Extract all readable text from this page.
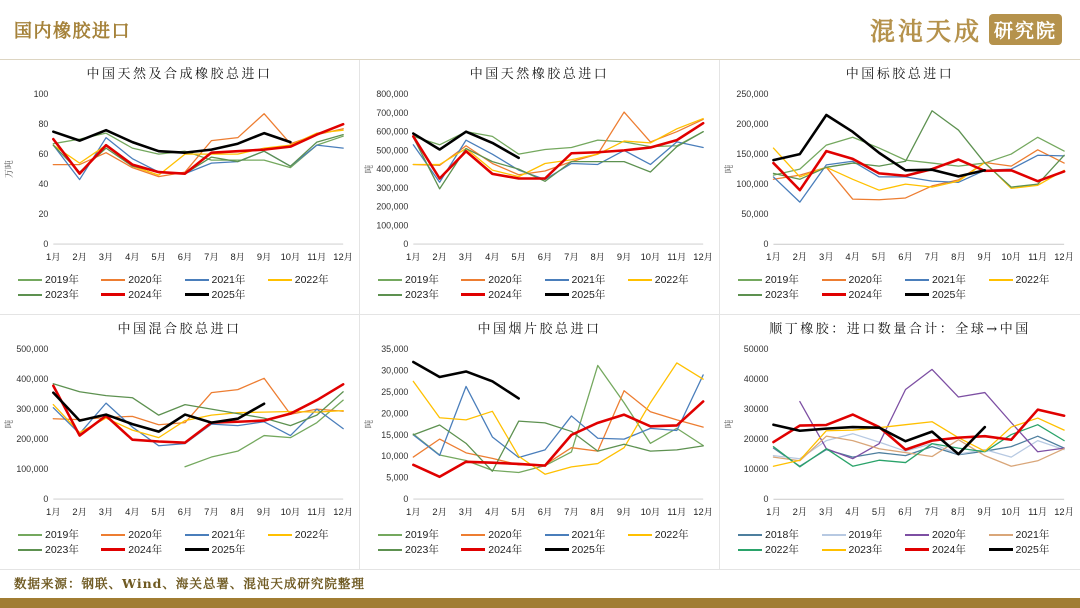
国内橡胶进口	混沌天成 研究院
中国天然及合成橡胶总进口
0
20
40
60
80
100
万吨
1月 2月 3月 4月 5月 6月 7月 8月 9月 10月 11月 12月
2019年	2020年	2021年	2022年
2023年	2024年	2025年
中国天然橡胶总进口
0
100,000
200,000
300,000
400,000
500,000
600,000
700,000
800,000
吨
1月 2月 3月 4月 5月 6月 7月 8月 9月 10月 11月 12月
2019年	2020年	2021年	2022年
2023年	2024年	2025年
中国标胶总进口
0
50,000
100,000
150,000
200,000
250,000
吨
1月 2月 3月 4月 5月 6月 7月 8月 9月 10月 11月 12月
2019年	2020年	2021年	2022年
2023年	2024年	2025年
中国混合胶总进口
0
100,000
200,000
300,000
400,000
500,000
吨
1月 2月 3月 4月 5月 6月 7月 8月 9月 10月 11月 12月
2019年	2020年	2021年	2022年
2023年	2024年	2025年
中国烟片胶总进口
0
5,000
10,000
15,000
20,000
25,000
30,000
35,000
吨
1月 2月 3月 4月 5月 6月 7月 8月 9月 10月 11月 12月
2019年	2020年	2021年	2022年
2023年	2024年	2025年
顺丁橡胶：进口数量合计：全球→中国
0
10000
20000
30000
40000
50000
吨
1月 2月 3月 4月 5月 6月 7月 8月 9月 10月 11月 12月
2018年	2019年	2020年	2021年
2022年	2023年	2024年	2025年
数据来源：钢联、Wind、海关总署、混沌天成研究院整理
